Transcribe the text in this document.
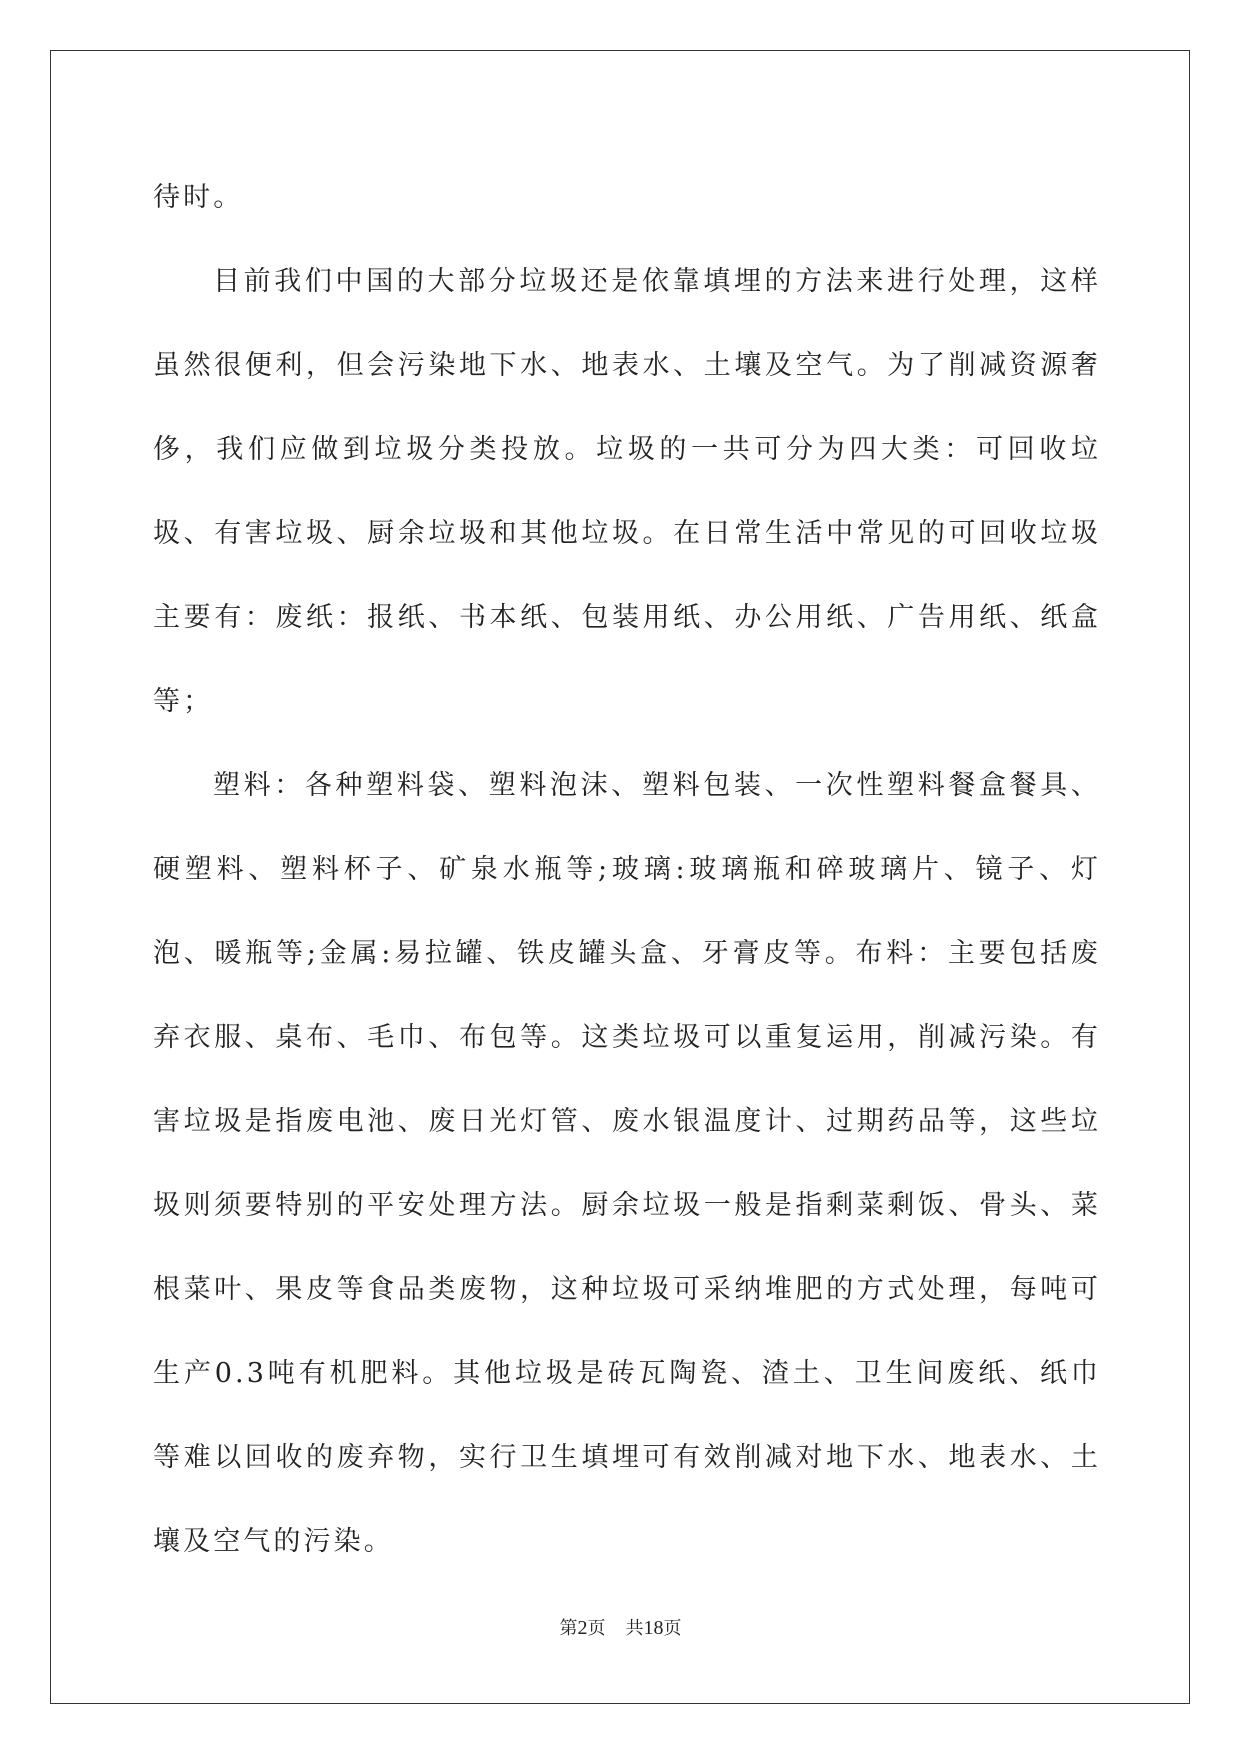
待时。

目前我们中国的大部分垃圾还是依靠填埋的方法来进行处理，这样虽然很便利，但会污染地下水、地表水、土壤及空气。为了削减资源奢侈，我们应做到垃圾分类投放。垃圾的一共可分为四大类：可回收垃圾、有害垃圾、厨余垃圾和其他垃圾。在日常生活中常见的可回收垃圾主要有：废纸：报纸、书本纸、包装用纸、办公用纸、广告用纸、纸盒等；

塑料：各种塑料袋、塑料泡沫、塑料包装、一次性塑料餐盒餐具、硬塑料、塑料杯子、矿泉水瓶等;玻璃:玻璃瓶和碎玻璃片、镜子、灯泡、暖瓶等;金属:易拉罐、铁皮罐头盒、牙膏皮等。布料：主要包括废弃衣服、桌布、毛巾、布包等。这类垃圾可以重复运用，削减污染。有害垃圾是指废电池、废日光灯管、废水银温度计、过期药品等，这些垃圾则须要特别的平安处理方法。厨余垃圾一般是指剩菜剩饭、骨头、菜根菜叶、果皮等食品类废物，这种垃圾可采纳堆肥的方式处理，每吨可生产0.3吨有机肥料。其他垃圾是砖瓦陶瓷、渣土、卫生间废纸、纸巾等难以回收的废弃物，实行卫生填埋可有效削减对地下水、地表水、土壤及空气的污染。

第2页 共18页
